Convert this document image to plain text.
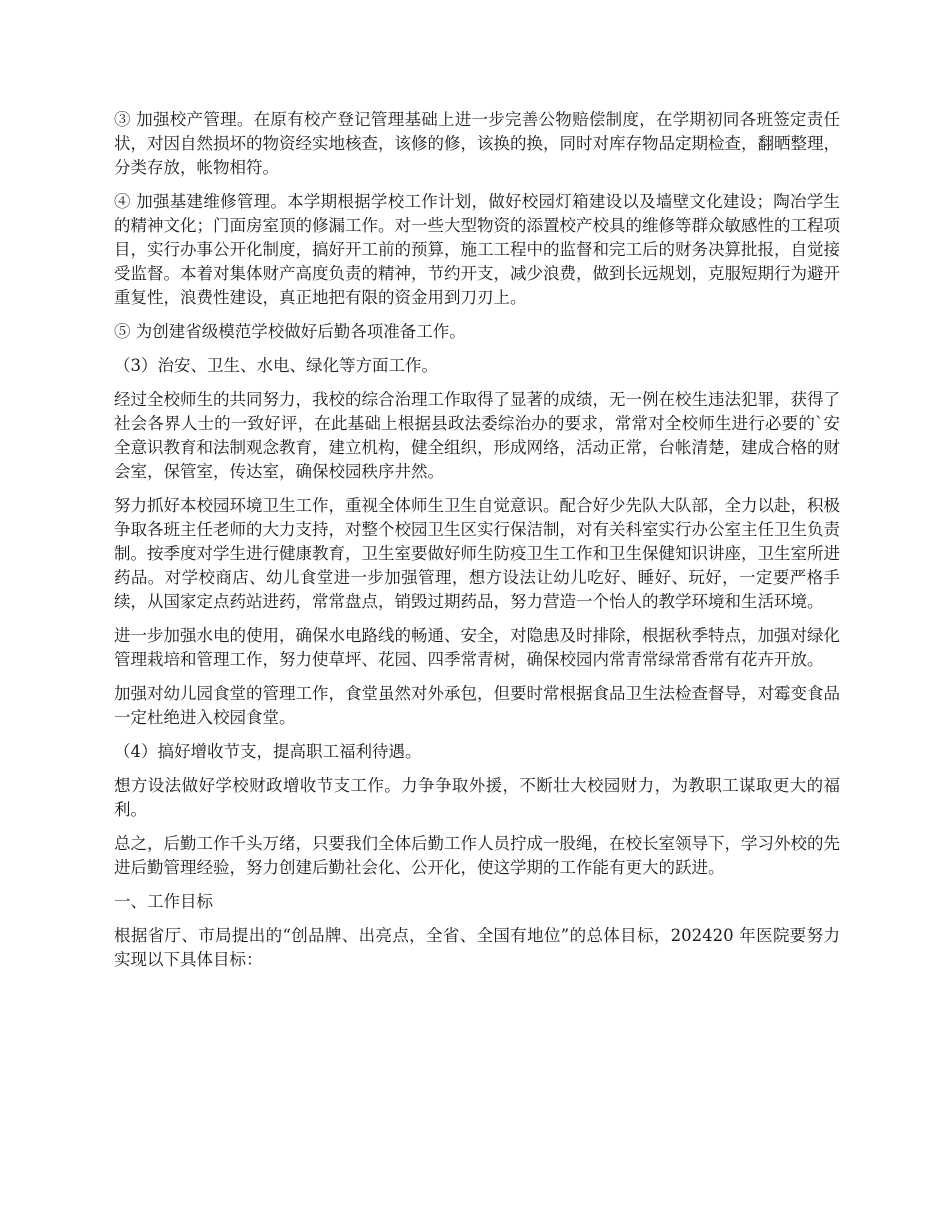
③ 加强校产管理。在原有校产登记管理基础上进一步完善公物赔偿制度，在学期初同各班签定责任状，对因自然损坏的物资经实地核查，该修的修，该换的换，同时对库存物品定期检查，翻晒整理，分类存放，帐物相符。

④ 加强基建维修管理。本学期根据学校工作计划，做好校园灯箱建设以及墙壁文化建设；陶冶学生的精神文化；门面房室顶的修漏工作。对一些大型物资的添置校产校具的维修等群众敏感性的工程项目，实行办事公开化制度，搞好开工前的预算，施工工程中的监督和完工后的财务决算批报，自觉接受监督。本着对集体财产高度负责的精神，节约开支，减少浪费，做到长远规划，克服短期行为避开重复性，浪费性建设，真正地把有限的资金用到刀刃上。

⑤ 为创建省级模范学校做好后勤各项准备工作。

（3）治安、卫生、水电、绿化等方面工作。

经过全校师生的共同努力，我校的综合治理工作取得了显著的成绩，无一例在校生违法犯罪，获得了社会各界人士的一致好评，在此基础上根据县政法委综治办的要求，常常对全校师生进行必要的`安全意识教育和法制观念教育，建立机构，健全组织，形成网络，活动正常，台帐清楚，建成合格的财会室，保管室，传达室，确保校园秩序井然。

努力抓好本校园环境卫生工作，重视全体师生卫生自觉意识。配合好少先队大队部，全力以赴，积极争取各班主任老师的大力支持，对整个校园卫生区实行保洁制，对有关科室实行办公室主任卫生负责制。按季度对学生进行健康教育，卫生室要做好师生防疫卫生工作和卫生保健知识讲座，卫生室所进药品。对学校商店、幼儿食堂进一步加强管理，想方设法让幼儿吃好、睡好、玩好，一定要严格手续，从国家定点药站进药，常常盘点，销毁过期药品，努力营造一个怡人的教学环境和生活环境。

进一步加强水电的使用，确保水电路线的畅通、安全，对隐患及时排除，根据秋季特点，加强对绿化管理栽培和管理工作，努力使草坪、花园、四季常青树，确保校园内常青常绿常香常有花卉开放。

加强对幼儿园食堂的管理工作，食堂虽然对外承包，但要时常根据食品卫生法检查督导，对霉变食品一定杜绝进入校园食堂。

（4）搞好增收节支，提高职工福利待遇。

想方设法做好学校财政增收节支工作。力争争取外援，不断壮大校园财力，为教职工谋取更大的福利。

总之，后勤工作千头万绪，只要我们全体后勤工作人员拧成一股绳，在校长室领导下，学习外校的先进后勤管理经验，努力创建后勤社会化、公开化，使这学期的工作能有更大的跃进。

一、工作目标

根据省厅、市局提出的“创品牌、出亮点，全省、全国有地位”的总体目标，202420 年医院要努力实现以下具体目标：
